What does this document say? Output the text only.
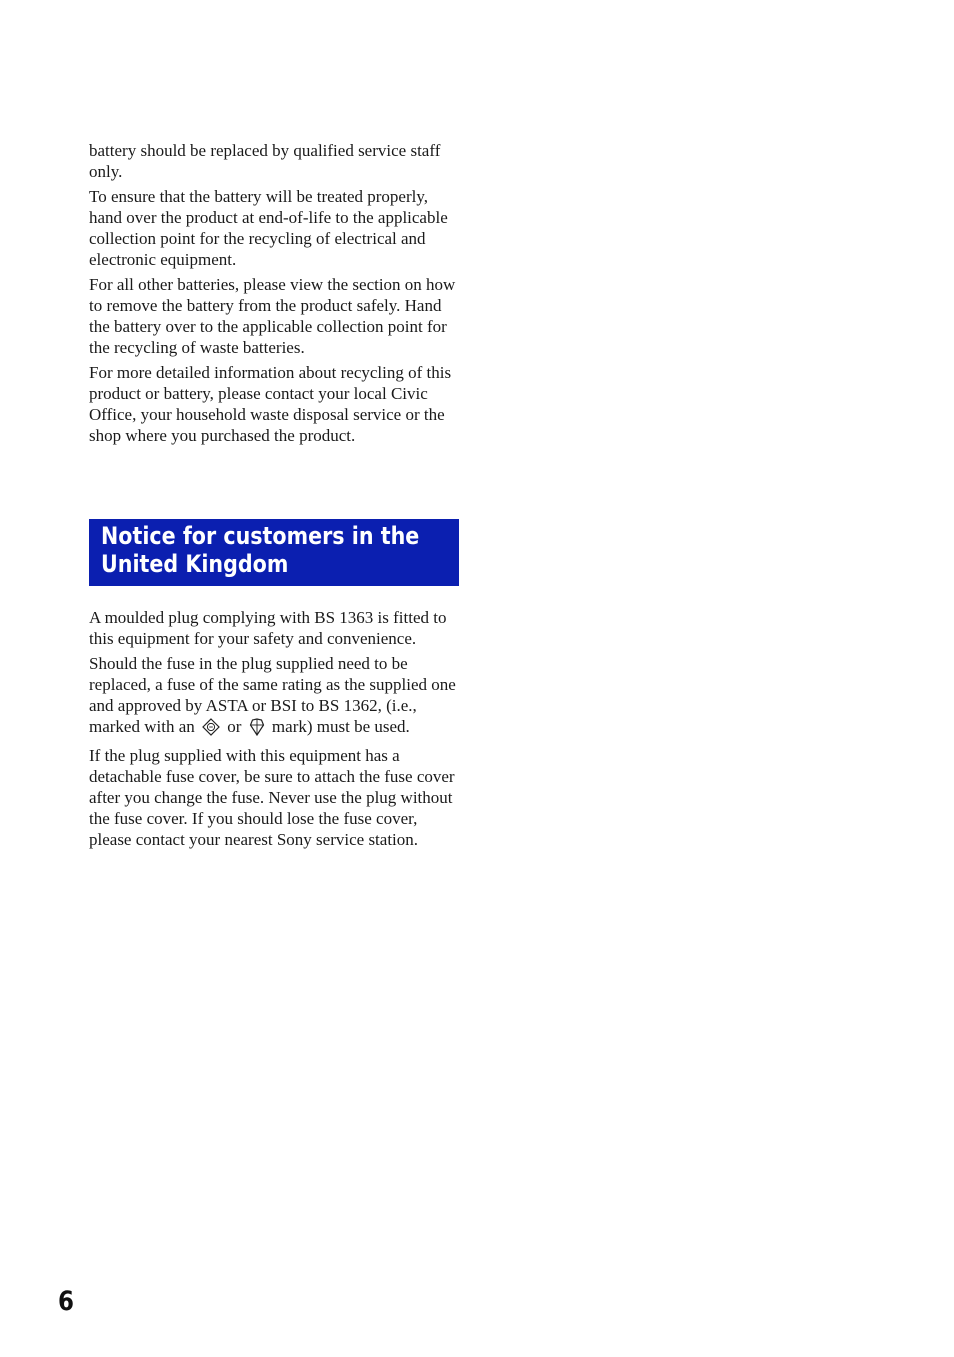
battery should be replaced by qualified service staff only.

To ensure that the battery will be treated properly, hand over the product at end-of-life to the applicable collection point for the recycling of electrical and electronic equipment.

For all other batteries, please view the section on how to remove the battery from the product safely. Hand the battery over to the applicable collection point for the recycling of waste batteries.

For more detailed information about recycling of this product or battery, please contact your local Civic Office, your household waste disposal service or the shop where you purchased the product.

Notice for customers in the
United Kingdom

A moulded plug complying with BS 1363 is fitted to this equipment for your safety and convenience.

Should the fuse in the plug supplied need to be replaced, a fuse of the same rating as the supplied one and approved by ASTA or BSI to BS 1362, (i.e., marked with an or mark) must be used.

If the plug supplied with this equipment has a detachable fuse cover, be sure to attach the fuse cover after you change the fuse. Never use the plug without the fuse cover. If you should lose the fuse cover, please contact your nearest Sony service station.

6
